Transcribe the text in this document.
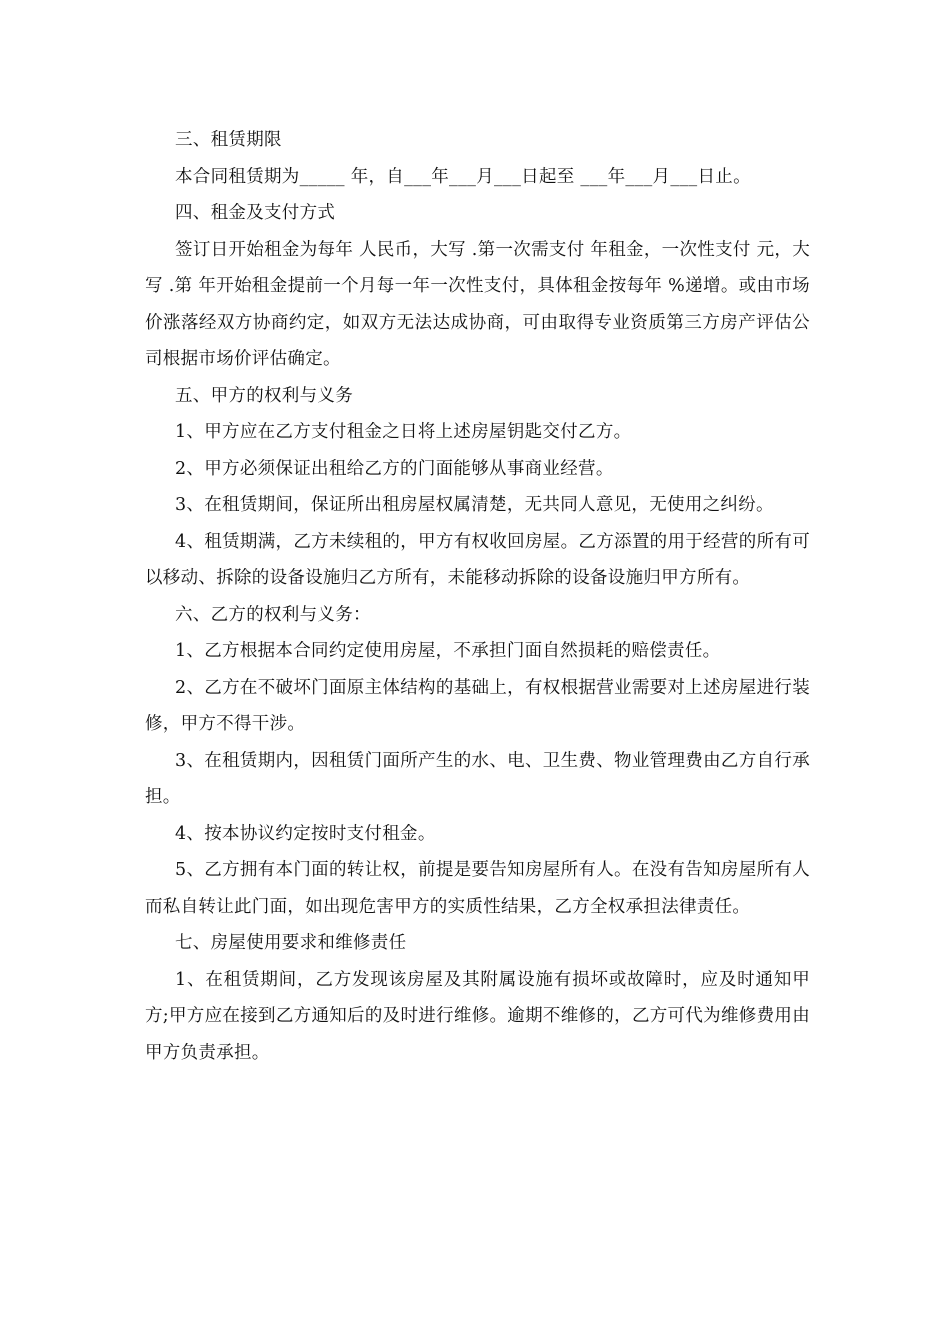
三、租赁期限

本合同租赁期为_____ 年，自___年___月___日起至 ___年___月___日止。

四、租金及支付方式

签订日开始租金为每年 人民币，大写 .第一次需支付 年租金，一次性支付 元，大写 .第 年开始租金提前一个月每一年一次性支付，具体租金按每年 %递增。或由市场价涨落经双方协商约定，如双方无法达成协商，可由取得专业资质第三方房产评估公司根据市场价评估确定。

五、甲方的权利与义务

1、甲方应在乙方支付租金之日将上述房屋钥匙交付乙方。

2、甲方必须保证出租给乙方的门面能够从事商业经营。

3、在租赁期间，保证所出租房屋权属清楚，无共同人意见，无使用之纠纷。

4、租赁期满，乙方未续租的，甲方有权收回房屋。乙方添置的用于经营的所有可以移动、拆除的设备设施归乙方所有，未能移动拆除的设备设施归甲方所有。

六、乙方的权利与义务：

1、乙方根据本合同约定使用房屋，不承担门面自然损耗的赔偿责任。

2、乙方在不破坏门面原主体结构的基础上，有权根据营业需要对上述房屋进行装修，甲方不得干涉。

3、在租赁期内，因租赁门面所产生的水、电、卫生费、物业管理费由乙方自行承担。

4、按本协议约定按时支付租金。

5、乙方拥有本门面的转让权，前提是要告知房屋所有人。在没有告知房屋所有人而私自转让此门面，如出现危害甲方的实质性结果，乙方全权承担法律责任。

七、房屋使用要求和维修责任

1、在租赁期间，乙方发现该房屋及其附属设施有损坏或故障时，应及时通知甲方;甲方应在接到乙方通知后的及时进行维修。逾期不维修的，乙方可代为维修费用由甲方负责承担。
